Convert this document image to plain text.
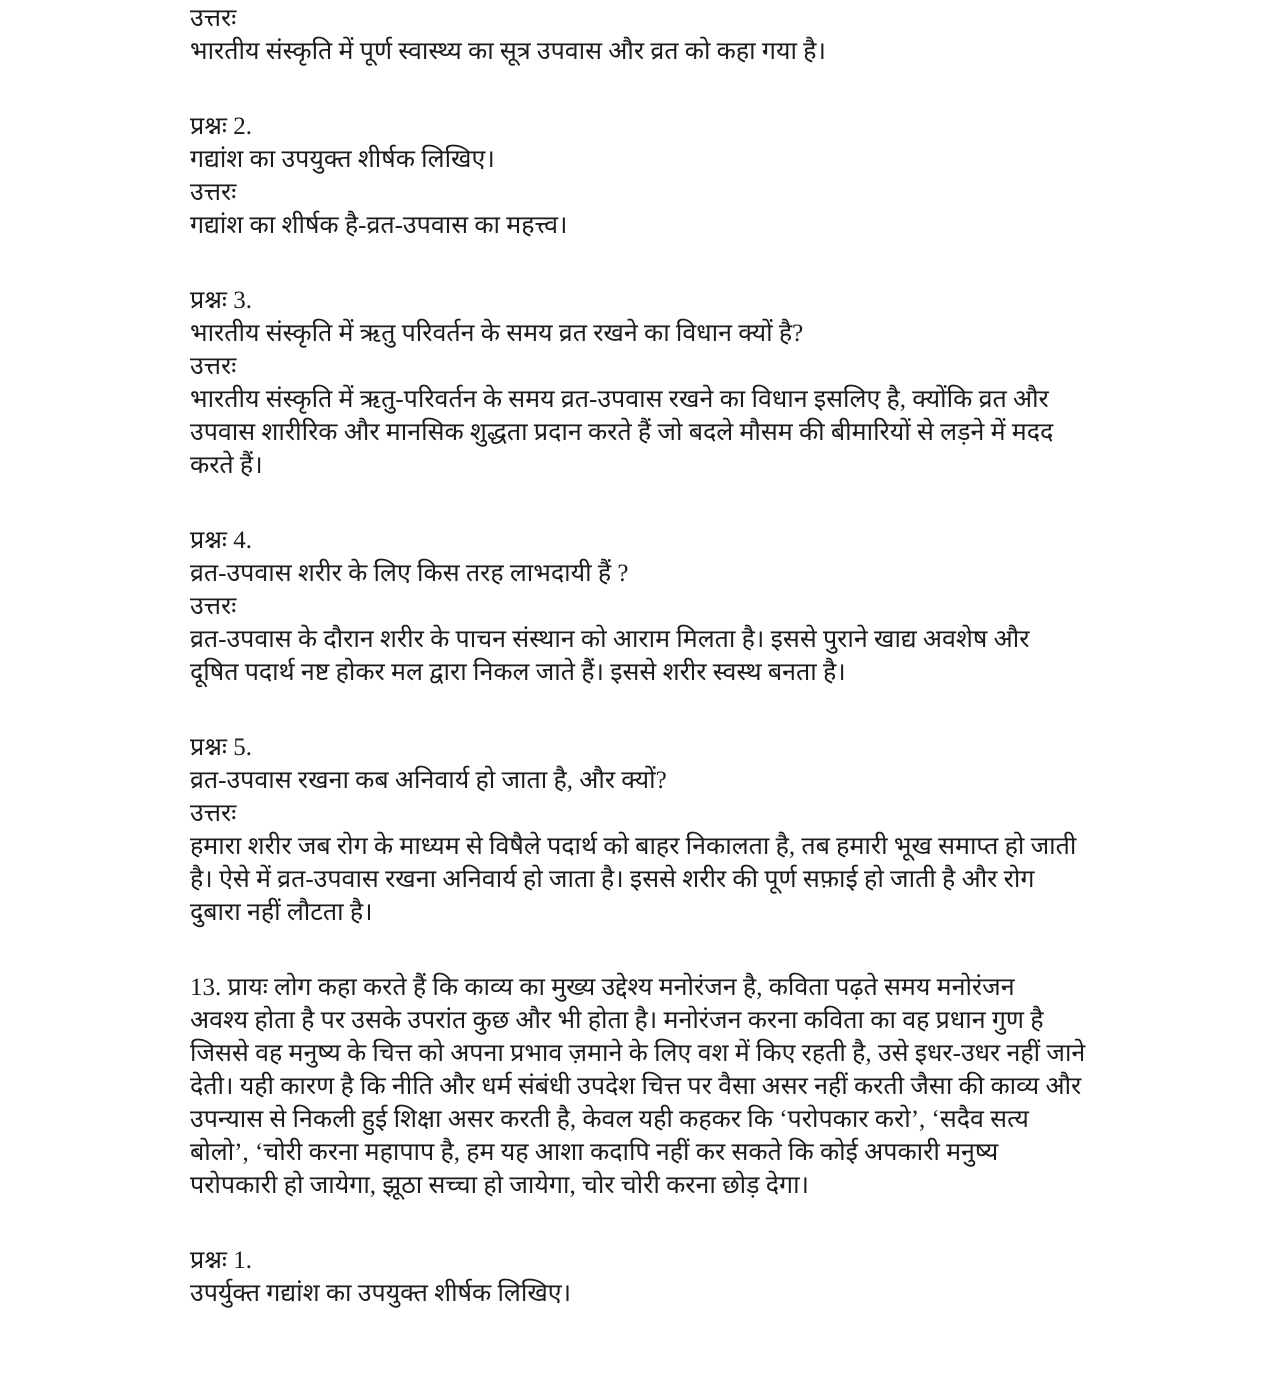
उत्तरः
भारतीय संस्कृति में पूर्ण स्वास्थ्य का सूत्र उपवास और व्रत को कहा गया है।
प्रश्नः 2.
गद्यांश का उपयुक्त शीर्षक लिखिए।
उत्तरः
गद्यांश का शीर्षक है-व्रत-उपवास का महत्त्व।
प्रश्नः 3.
भारतीय संस्कृति में ऋतु परिवर्तन के समय व्रत रखने का विधान क्यों है?
उत्तरः
भारतीय संस्कृति में ऋतु-परिवर्तन के समय व्रत-उपवास रखने का विधान इसलिए है, क्योंकि व्रत और
उपवास शारीरिक और मानसिक शुद्धता प्रदान करते हैं जो बदले मौसम की बीमारियों से लड़ने में मदद
करते हैं।
प्रश्नः 4.
व्रत-उपवास शरीर के लिए किस तरह लाभदायी हैं ?
उत्तरः
व्रत-उपवास के दौरान शरीर के पाचन संस्थान को आराम मिलता है। इससे पुराने खाद्य अवशेष और
दूषित पदार्थ नष्ट होकर मल द्वारा निकल जाते हैं। इससे शरीर स्वस्थ बनता है।
प्रश्नः 5.
व्रत-उपवास रखना कब अनिवार्य हो जाता है, और क्यों?
उत्तरः
हमारा शरीर जब रोग के माध्यम से विषैले पदार्थ को बाहर निकालता है, तब हमारी भूख समाप्त हो जाती
है। ऐसे में व्रत-उपवास रखना अनिवार्य हो जाता है। इससे शरीर की पूर्ण सफ़ाई हो जाती है और रोग
दुबारा नहीं लौटता है।
13. प्रायः लोग कहा करते हैं कि काव्य का मुख्य उद्देश्य मनोरंजन है, कविता पढ़ते समय मनोरंजन
अवश्य होता है पर उसके उपरांत कुछ और भी होता है। मनोरंजन करना कविता का वह प्रधान गुण है
जिससे वह मनुष्य के चित्त को अपना प्रभाव ज़माने के लिए वश में किए रहती है, उसे इधर-उधर नहीं जाने
देती। यही कारण है कि नीति और धर्म संबंधी उपदेश चित्त पर वैसा असर नहीं करती जैसा की काव्य और
उपन्यास से निकली हुई शिक्षा असर करती है, केवल यही कहकर कि ‘परोपकार करो’, ‘सदैव सत्य
बोलो’, ‘चोरी करना महापाप है, हम यह आशा कदापि नहीं कर सकते कि कोई अपकारी मनुष्य
परोपकारी हो जायेगा, झूठा सच्चा हो जायेगा, चोर चोरी करना छोड़ देगा।
प्रश्नः 1.
उपर्युक्त गद्यांश का उपयुक्त शीर्षक लिखिए।
